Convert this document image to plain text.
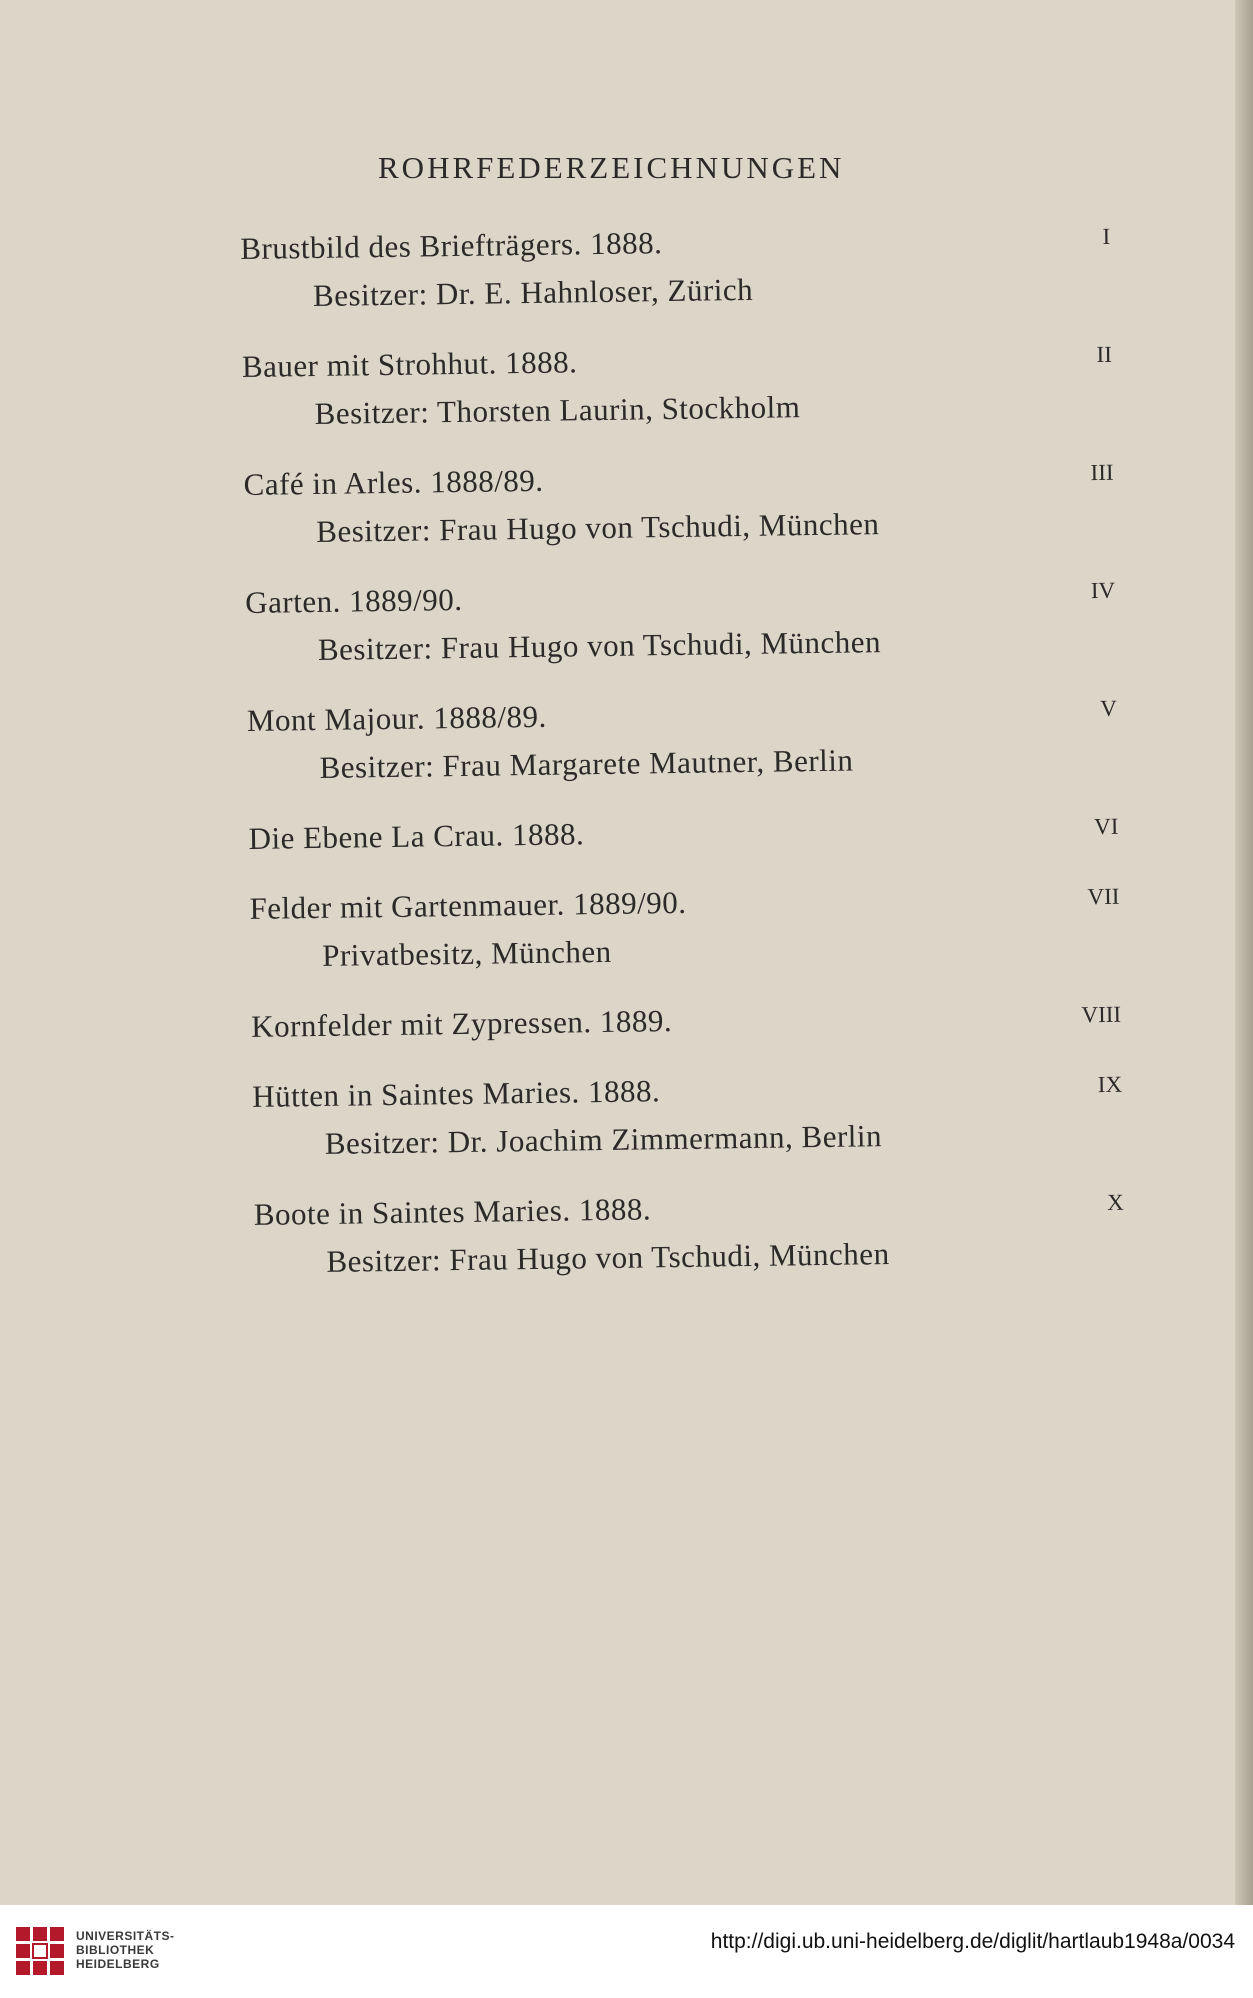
ROHRFEDERZEICHNUNGEN
Brustbild des Briefträgers. 1888.	I
Besitzer: Dr. E. Hahnloser, Zürich
Bauer mit Strohhut. 1888.	II
Besitzer: Thorsten Laurin, Stockholm
Café in Arles. 1888/89.	III
Besitzer: Frau Hugo von Tschudi, München
Garten. 1889/90.	IV
Besitzer: Frau Hugo von Tschudi, München
Mont Majour. 1888/89.	V
Besitzer: Frau Margarete Mautner, Berlin
Die Ebene La Crau. 1888.	VI
Felder mit Gartenmauer. 1889/90.	VII
Privatbesitz, München
Kornfelder mit Zypressen. 1889.	VIII
Hütten in Saintes Maries. 1888.	IX
Besitzer: Dr. Joachim Zimmermann, Berlin
Boote in Saintes Maries. 1888.	X
Besitzer: Frau Hugo von Tschudi, München
UNIVERSITÄTS-
BIBLIOTHEK
HEIDELBERG
http://digi.ub.uni-heidelberg.de/diglit/hartlaub1948a/0034
